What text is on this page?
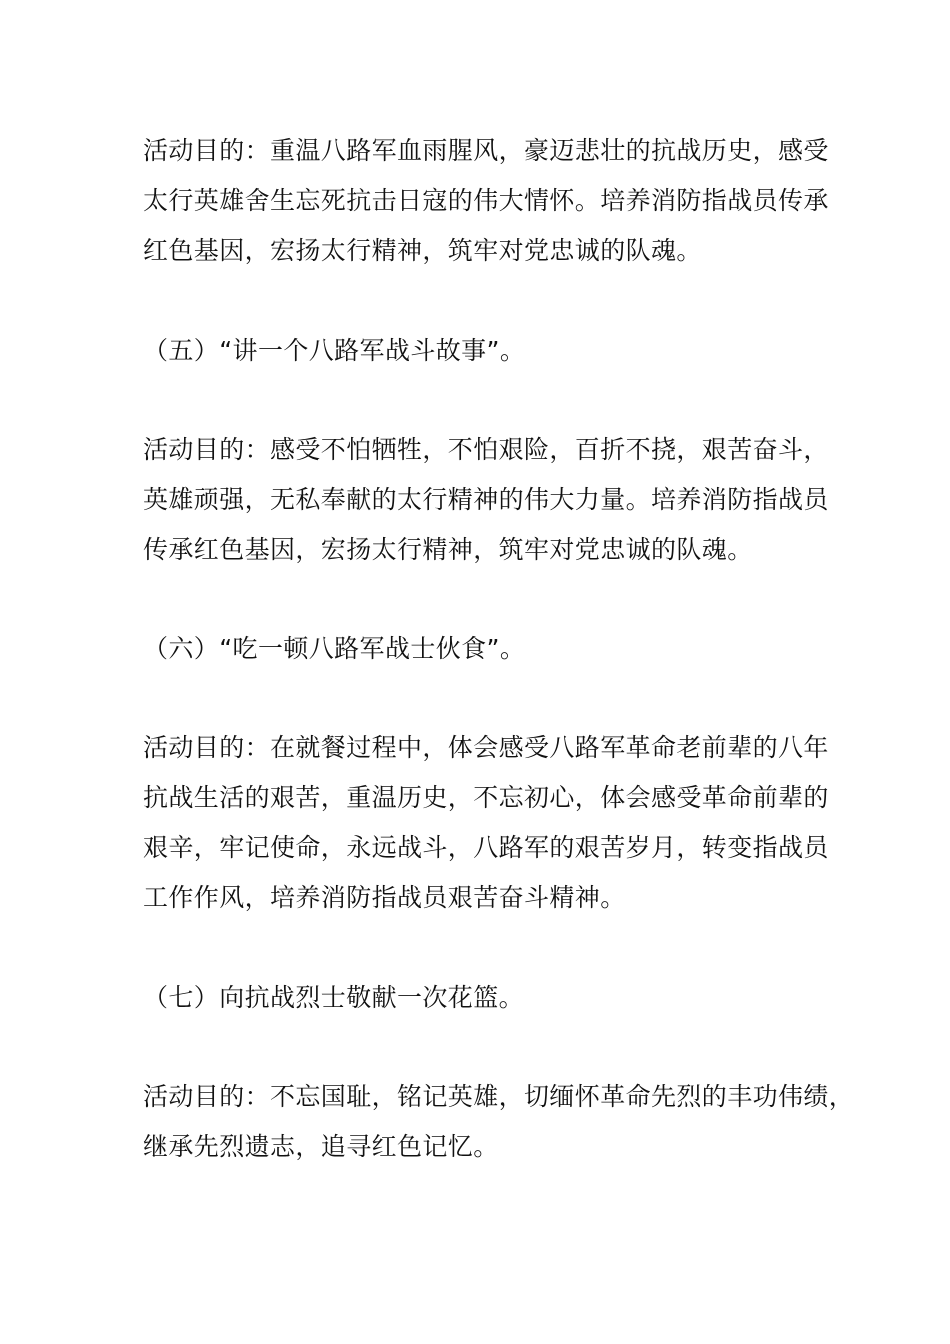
活动目的：重温八路军血雨腥风，豪迈悲壮的抗战历史，感受
太行英雄舍生忘死抗击日寇的伟大情怀。培养消防指战员传承
红色基因，宏扬太行精神，筑牢对党忠诚的队魂。
（五）“讲一个八路军战斗故事”。
活动目的：感受不怕牺牲，不怕艰险，百折不挠，艰苦奋斗，
英雄顽强，无私奉献的太行精神的伟大力量。培养消防指战员
传承红色基因，宏扬太行精神，筑牢对党忠诚的队魂。
（六）“吃一顿八路军战士伙食”。
活动目的：在就餐过程中，体会感受八路军革命老前辈的八年
抗战生活的艰苦，重温历史，不忘初心，体会感受革命前辈的
艰辛，牢记使命，永远战斗，八路军的艰苦岁月，转变指战员
工作作风，培养消防指战员艰苦奋斗精神。
（七）向抗战烈士敬献一次花篮。
活动目的：不忘国耻，铭记英雄，切缅怀革命先烈的丰功伟绩，
继承先烈遗志，追寻红色记忆。
